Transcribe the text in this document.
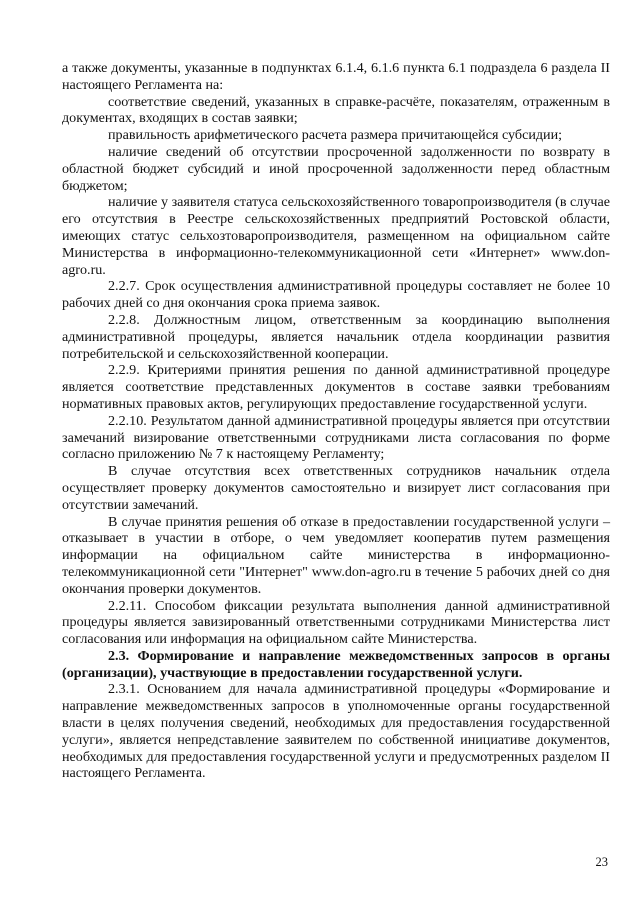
а также документы, указанные в подпунктах 6.1.4, 6.1.6 пункта 6.1 подраздела 6 раздела II настоящего Регламента на:

соответствие сведений, указанных в справке-расчёте, показателям, отраженным в документах, входящих в состав заявки;

правильность арифметического расчета размера причитающейся субсидии;

наличие сведений об отсутствии просроченной задолженности по возврату в областной бюджет субсидий и иной просроченной задолженности перед областным бюджетом;

наличие у заявителя статуса сельскохозяйственного товаропроизводителя (в случае его отсутствия в Реестре сельскохозяйственных предприятий Ростовской области, имеющих статус сельхозтоваропроизводителя, размещенном на официальном сайте Министерства в информационно-телекоммуникационной сети «Интернет» www.don-agro.ru.

2.2.7. Срок осуществления административной процедуры составляет не более 10 рабочих дней со дня окончания срока приема заявок.

2.2.8. Должностным лицом, ответственным за координацию выполнения административной процедуры, является начальник отдела координации развития потребительской и сельскохозяйственной кооперации.

2.2.9. Критериями принятия решения по данной административной процедуре является соответствие представленных документов в составе заявки требованиям нормативных правовых актов, регулирующих предоставление государственной услуги.

2.2.10. Результатом данной административной процедуры является при отсутствии замечаний визирование ответственными сотрудниками листа согласования по форме согласно приложению № 7 к настоящему Регламенту;

В случае отсутствия всех ответственных сотрудников начальник отдела осуществляет проверку документов самостоятельно и визирует лист согласования при отсутствии замечаний.

В случае принятия решения об отказе в предоставлении государственной услуги – отказывает в участии в отборе, о чем уведомляет кооператив путем размещения информации на официальном сайте министерства в информационно-телекоммуникационной сети "Интернет" www.don-agro.ru в течение 5 рабочих дней со дня окончания проверки документов.

2.2.11. Способом фиксации результата выполнения данной административной процедуры является завизированный ответственными сотрудниками Министерства лист согласования или информация на официальном сайте Министерства.

2.3. Формирование и направление межведомственных запросов в органы (организации), участвующие в предоставлении государственной услуги.

2.3.1. Основанием для начала административной процедуры «Формирование и направление межведомственных запросов в уполномоченные органы государственной власти в целях получения сведений, необходимых для предоставления государственной услуги», является непредставление заявителем по собственной инициативе документов, необходимых для предоставления государственной услуги и предусмотренных разделом II настоящего Регламента.

23
